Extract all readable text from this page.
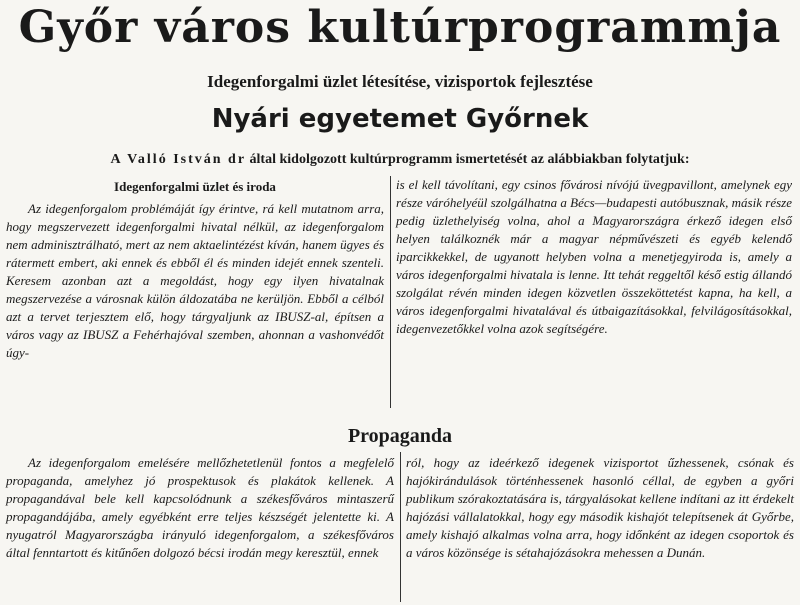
Győr város kultúrprogrammja
Idegenforgalmi üzlet létesítése, vizisportok fejlesztése
Nyári egyetemet Győrnek
A Valló István dr által kidolgozott kultúrprogramm ismertetését az alábbiakban folytatjuk:
Idegenforgalmi üzlet és iroda

Az idegenforgalom problémáját így érintve, rá kell mutatnom arra, hogy megszervezett idegenforgalmi hivatal nélkül, az idegenforgalom nem adminisztrálható, mert az nem aktaelintézést kíván, hanem ügyes és rátermett embert, aki ennek és ebből él és minden idejét ennek szenteli. Keresem azonban azt a megoldást, hogy egy ilyen hivatalnak megszervezése a városnak külön áldozatába ne kerüljön. Ebből a célból azt a tervet terjesztem elő, hogy tárgyaljunk az IBUSZ-al, építsen a város vagy az IBUSZ a Fehérhajóval szemben, ahonnan a vashonvédőt úgy-

is el kell távolítani, egy csinos fővárosi nívójú üvegpavillont, amelynek egy része váróhelyéül szolgálhatna a Bécs—budapesti autóbusznak, másik része pedig üzlethelyiség volna, ahol a Magyarországra érkező idegen első helyen találkoznék már a magyar népművészeti és egyéb kelendő iparcikkekkel, de ugyanott helyben volna a menetjegyiroda is, amely a város idegenforgalmi hivatala is lenne. Itt tehát reggeltől késő estig állandó szolgálat révén minden idegen közvetlen összeköttetést kapna, ha kell, a város idegenforgalmi hivatalával és útbaigazításokkal, felvilágosításokkal, idegenvezetőkkel volna azok segítségére.

Propaganda

Az idegenforgalom emelésére mellőzhetetlenül fontos a megfelelő propaganda, amelyhez jó prospektusok és plakátok kellenek. A propagandával bele kell kapcsolódnunk a székesfőváros mintaszerű propagandájába, amely egyébként erre teljes készségét jelentette ki. A nyugatról Magyarországba irányuló idegenforgalom, a székesfőváros által fenntartott és kitűnően dolgozó bécsi irodán megy keresztül, ennek

ról, hogy az ideérkező idegenek vizisportot űzhessenek, csónak és hajókirándulások történhessenek hasonló céllal, de egyben a győri publikum szórakoztatására is, tárgyalásokat kellene indítani az itt érdekelt hajózási vállalatokkal, hogy egy második kishajót telepítsenek át Győrbe, amely kishajó alkalmas volna arra, hogy időnként az idegen csoportok és a város közönsége is sétahajózásokra mehessen a Dunán.
